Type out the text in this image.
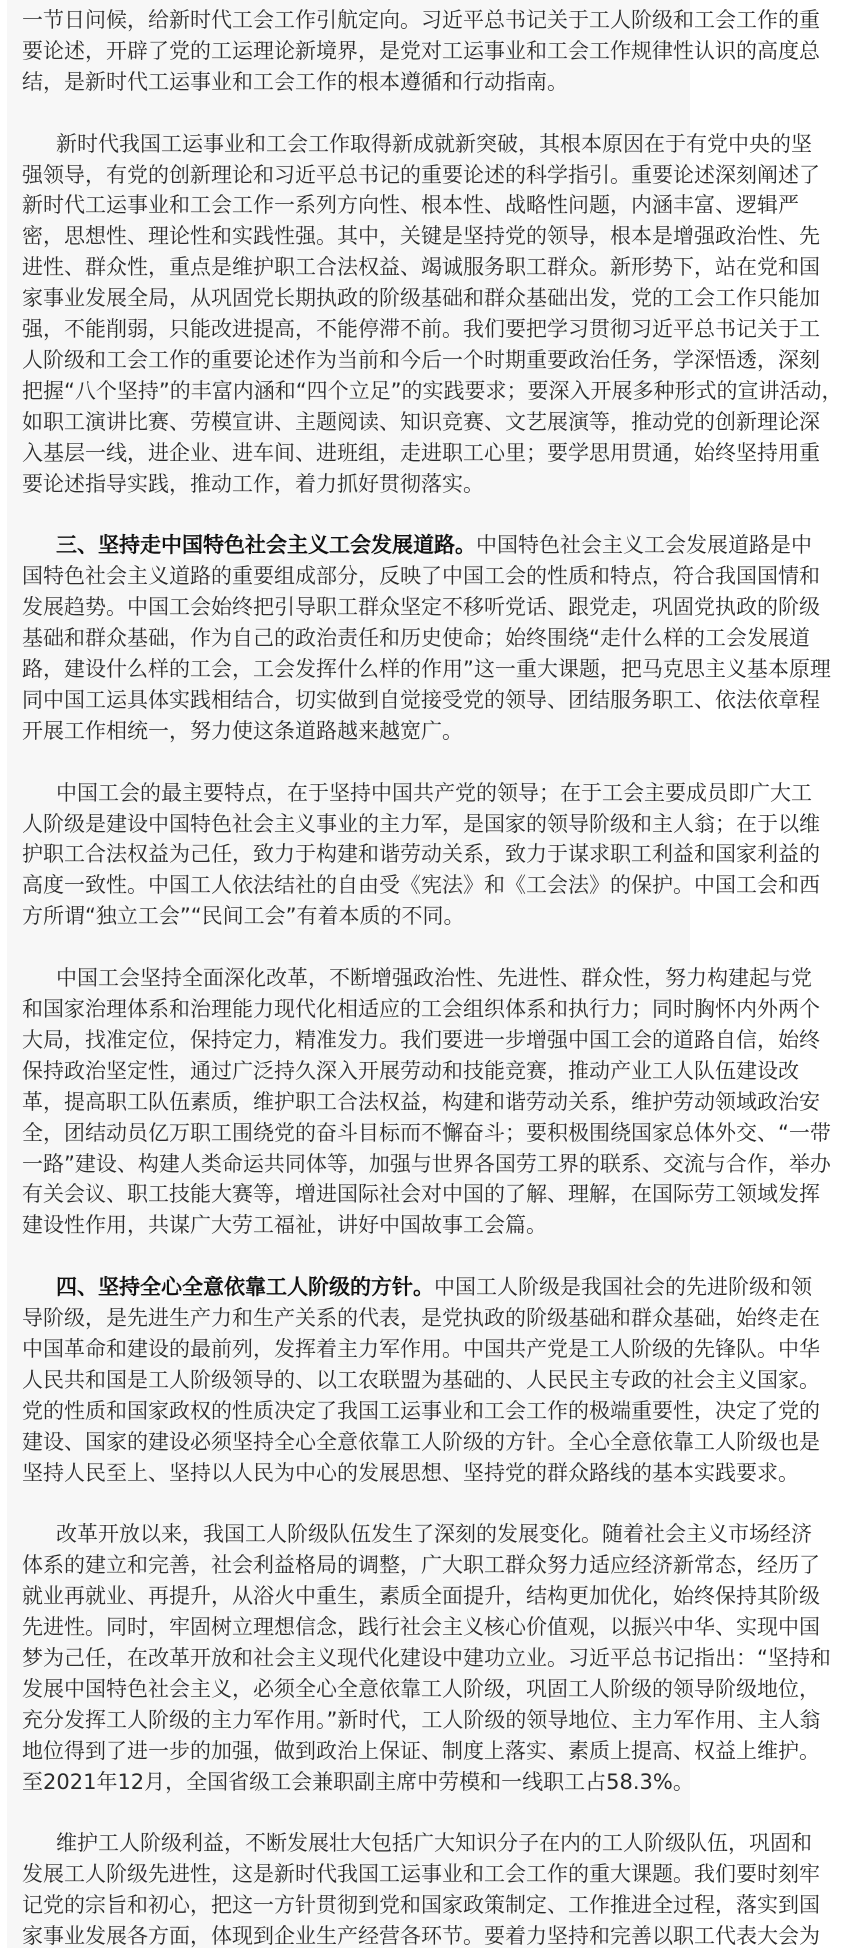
一节日问候，给新时代工会工作引航定向。习近平总书记关于工人阶级和工会工作的重
要论述，开辟了党的工运理论新境界，是党对工运事业和工会工作规律性认识的高度总
结，是新时代工运事业和工会工作的根本遵循和行动指南。
新时代我国工运事业和工会工作取得新成就新突破，其根本原因在于有党中央的坚
强领导，有党的创新理论和习近平总书记的重要论述的科学指引。重要论述深刻阐述了
新时代工运事业和工会工作一系列方向性、根本性、战略性问题，内涵丰富、逻辑严
密，思想性、理论性和实践性强。其中，关键是坚持党的领导，根本是增强政治性、先
进性、群众性，重点是维护职工合法权益、竭诚服务职工群众。新形势下，站在党和国
家事业发展全局，从巩固党长期执政的阶级基础和群众基础出发，党的工会工作只能加
强，不能削弱，只能改进提高，不能停滞不前。我们要把学习贯彻习近平总书记关于工
人阶级和工会工作的重要论述作为当前和今后一个时期重要政治任务，学深悟透，深刻
把握“八个坚持”的丰富内涵和“四个立足”的实践要求；要深入开展多种形式的宣讲活动，
如职工演讲比赛、劳模宣讲、主题阅读、知识竞赛、文艺展演等，推动党的创新理论深
入基层一线，进企业、进车间、进班组，走进职工心里；要学思用贯通，始终坚持用重
要论述指导实践，推动工作，着力抓好贯彻落实。
三、坚持走中国特色社会主义工会发展道路。中国特色社会主义工会发展道路是中
国特色社会主义道路的重要组成部分，反映了中国工会的性质和特点，符合我国国情和
发展趋势。中国工会始终把引导职工群众坚定不移听党话、跟党走，巩固党执政的阶级
基础和群众基础，作为自己的政治责任和历史使命；始终围绕“走什么样的工会发展道
路，建设什么样的工会，工会发挥什么样的作用”这一重大课题，把马克思主义基本原理
同中国工运具体实践相结合，切实做到自觉接受党的领导、团结服务职工、依法依章程
开展工作相统一，努力使这条道路越来越宽广。
中国工会的最主要特点，在于坚持中国共产党的领导；在于工会主要成员即广大工
人阶级是建设中国特色社会主义事业的主力军，是国家的领导阶级和主人翁；在于以维
护职工合法权益为己任，致力于构建和谐劳动关系，致力于谋求职工利益和国家利益的
高度一致性。中国工人依法结社的自由受《宪法》和《工会法》的保护。中国工会和西
方所谓“独立工会”“民间工会”有着本质的不同。
中国工会坚持全面深化改革，不断增强政治性、先进性、群众性，努力构建起与党
和国家治理体系和治理能力现代化相适应的工会组织体系和执行力；同时胸怀内外两个
大局，找准定位，保持定力，精准发力。我们要进一步增强中国工会的道路自信，始终
保持政治坚定性，通过广泛持久深入开展劳动和技能竞赛，推动产业工人队伍建设改
革，提高职工队伍素质，维护职工合法权益，构建和谐劳动关系，维护劳动领域政治安
全，团结动员亿万职工围绕党的奋斗目标而不懈奋斗；要积极围绕国家总体外交、“一带
一路”建设、构建人类命运共同体等，加强与世界各国劳工界的联系、交流与合作，举办
有关会议、职工技能大赛等，增进国际社会对中国的了解、理解，在国际劳工领域发挥
建设性作用，共谋广大劳工福祉，讲好中国故事工会篇。
四、坚持全心全意依靠工人阶级的方针。中国工人阶级是我国社会的先进阶级和领
导阶级，是先进生产力和生产关系的代表，是党执政的阶级基础和群众基础，始终走在
中国革命和建设的最前列，发挥着主力军作用。中国共产党是工人阶级的先锋队。中华
人民共和国是工人阶级领导的、以工农联盟为基础的、人民民主专政的社会主义国家。
党的性质和国家政权的性质决定了我国工运事业和工会工作的极端重要性，决定了党的
建设、国家的建设必须坚持全心全意依靠工人阶级的方针。全心全意依靠工人阶级也是
坚持人民至上、坚持以人民为中心的发展思想、坚持党的群众路线的基本实践要求。
改革开放以来，我国工人阶级队伍发生了深刻的发展变化。随着社会主义市场经济
体系的建立和完善，社会利益格局的调整，广大职工群众努力适应经济新常态，经历了
就业再就业、再提升，从浴火中重生，素质全面提升，结构更加优化，始终保持其阶级
先进性。同时，牢固树立理想信念，践行社会主义核心价值观，以振兴中华、实现中国
梦为己任，在改革开放和社会主义现代化建设中建功立业。习近平总书记指出：“坚持和
发展中国特色社会主义，必须全心全意依靠工人阶级，巩固工人阶级的领导阶级地位，
充分发挥工人阶级的主力军作用。”新时代，工人阶级的领导地位、主力军作用、主人翁
地位得到了进一步的加强，做到政治上保证、制度上落实、素质上提高、权益上维护。
至2021年12月，全国省级工会兼职副主席中劳模和一线职工占58.3%。
维护工人阶级利益，不断发展壮大包括广大知识分子在内的工人阶级队伍，巩固和
发展工人阶级先进性，这是新时代我国工运事业和工会工作的重大课题。我们要时刻牢
记党的宗旨和初心，把这一方针贯彻到党和国家政策制定、工作推进全过程，落实到国
家事业发展各方面，体现到企业生产经营各环节。要着力坚持和完善以职工代表大会为
